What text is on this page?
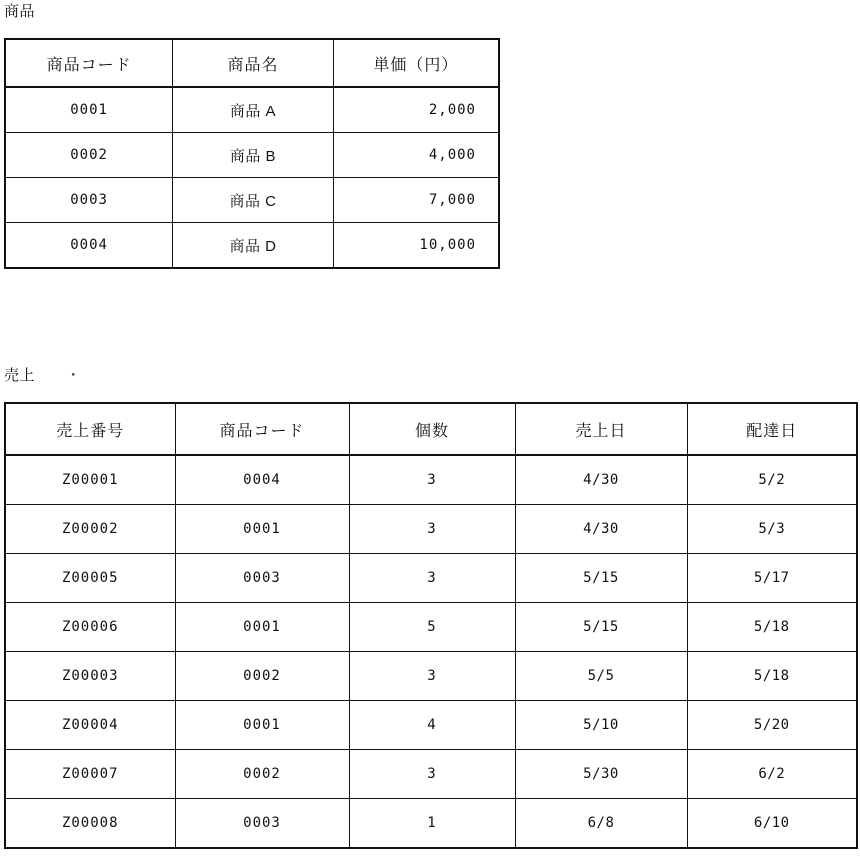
商品
商品コード	商品名	単価（円）
0001	商品 A	2,000
0002	商品 B	4,000
0003	商品 C	7,000
0004	商品 D	10,000
売上 ・
売上番号	商品コード	個数	売上日	配達日
Z00001	0004	3	4/30	5/2
Z00002	0001	3	4/30	5/3
Z00005	0003	3	5/15	5/17
Z00006	0001	5	5/15	5/18
Z00003	0002	3	5/5	5/18
Z00004	0001	4	5/10	5/20
Z00007	0002	3	5/30	6/2
Z00008	0003	1	6/8	6/10
